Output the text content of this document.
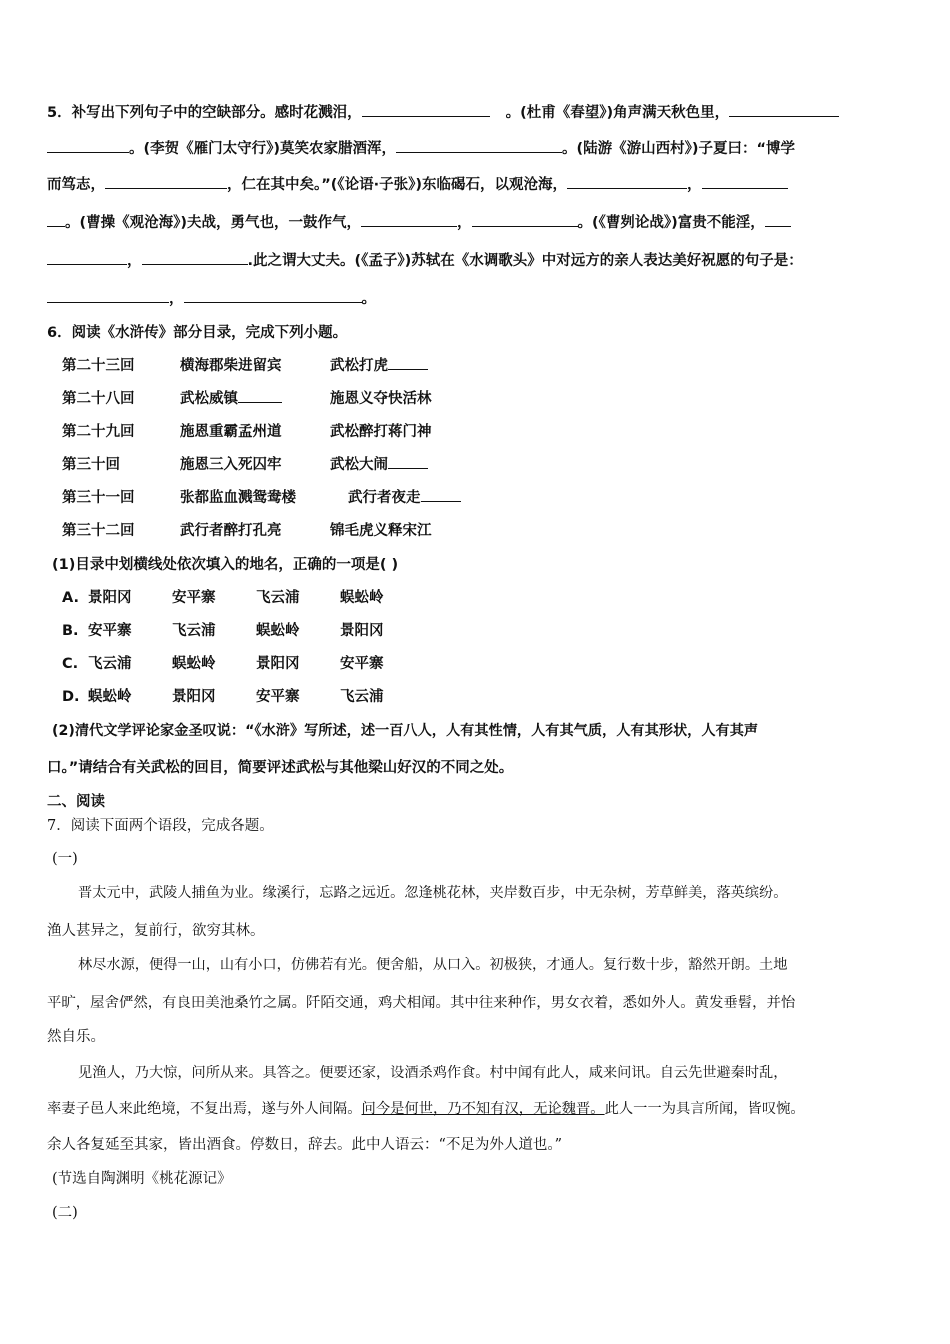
5．补写出下列句子中的空缺部分。感时花溅泪，	。(杜甫《春望》)角声满天秋色里，
。(李贺《雁门太守行》)莫笑农家腊酒浑，	。(陆游《游山西村》)子夏曰：“博学
而笃志，	，仁在其中矣。”(《论语·子张》)东临碣石，以观沧海，	，
。(曹操《观沧海》)夫战，勇气也，一鼓作气，	，	。(《曹刿论战》)富贵不能淫，
，	.此之谓大丈夫。(《孟子》)苏轼在《水调歌头》中对远方的亲人表达美好祝愿的句子是：
，	。
6．阅读《水浒传》部分目录，完成下列小题。
第二十三回	横海郡柴进留宾	武松打虎
第二十八回	武松威镇	施恩义夺快活林
第二十九回	施恩重霸孟州道	武松醉打蒋门神
第三十回	施恩三入死囚牢	武松大闹
第三十一回	张都监血溅鸳鸯楼	武行者夜走
第三十二回	武行者醉打孔亮	锦毛虎义释宋江
(1)目录中划横线处依次填入的地名，正确的一项是( )
A. 景阳冈	安平寨	飞云浦	蜈蚣岭
B. 安平寨	飞云浦	蜈蚣岭	景阳冈
C. 飞云浦	蜈蚣岭	景阳冈	安平寨
D. 蜈蚣岭	景阳冈	安平寨	飞云浦
(2)清代文学评论家金圣叹说：“《水浒》写所述，述一百八人，人有其性情，人有其气质，人有其形状，人有其声
口。”请结合有关武松的回目，简要评述武松与其他梁山好汉的不同之处。
二、阅读
7．阅读下面两个语段，完成各题。
(一)
晋太元中，武陵人捕鱼为业。缘溪行，忘路之远近。忽逢桃花林，夹岸数百步，中无杂树，芳草鲜美，落英缤纷。
渔人甚异之，复前行，欲穷其林。
林尽水源，便得一山，山有小口，仿佛若有光。便舍船，从口入。初极狭，才通人。复行数十步，豁然开朗。土地
平旷，屋舍俨然，有良田美池桑竹之属。阡陌交通，鸡犬相闻。其中往来种作，男女衣着，悉如外人。黄发垂髫，并怡
然自乐。
见渔人，乃大惊，问所从来。具答之。便要还家，设酒杀鸡作食。村中闻有此人，咸来问讯。自云先世避秦时乱，
率妻子邑人来此绝境，不复出焉，遂与外人间隔。问今是何世，乃不知有汉，无论魏晋。此人一一为具言所闻，皆叹惋。
余人各复延至其家，皆出酒食。停数日，辞去。此中人语云：“不足为外人道也。”
(节选自陶渊明《桃花源记》
(二)
